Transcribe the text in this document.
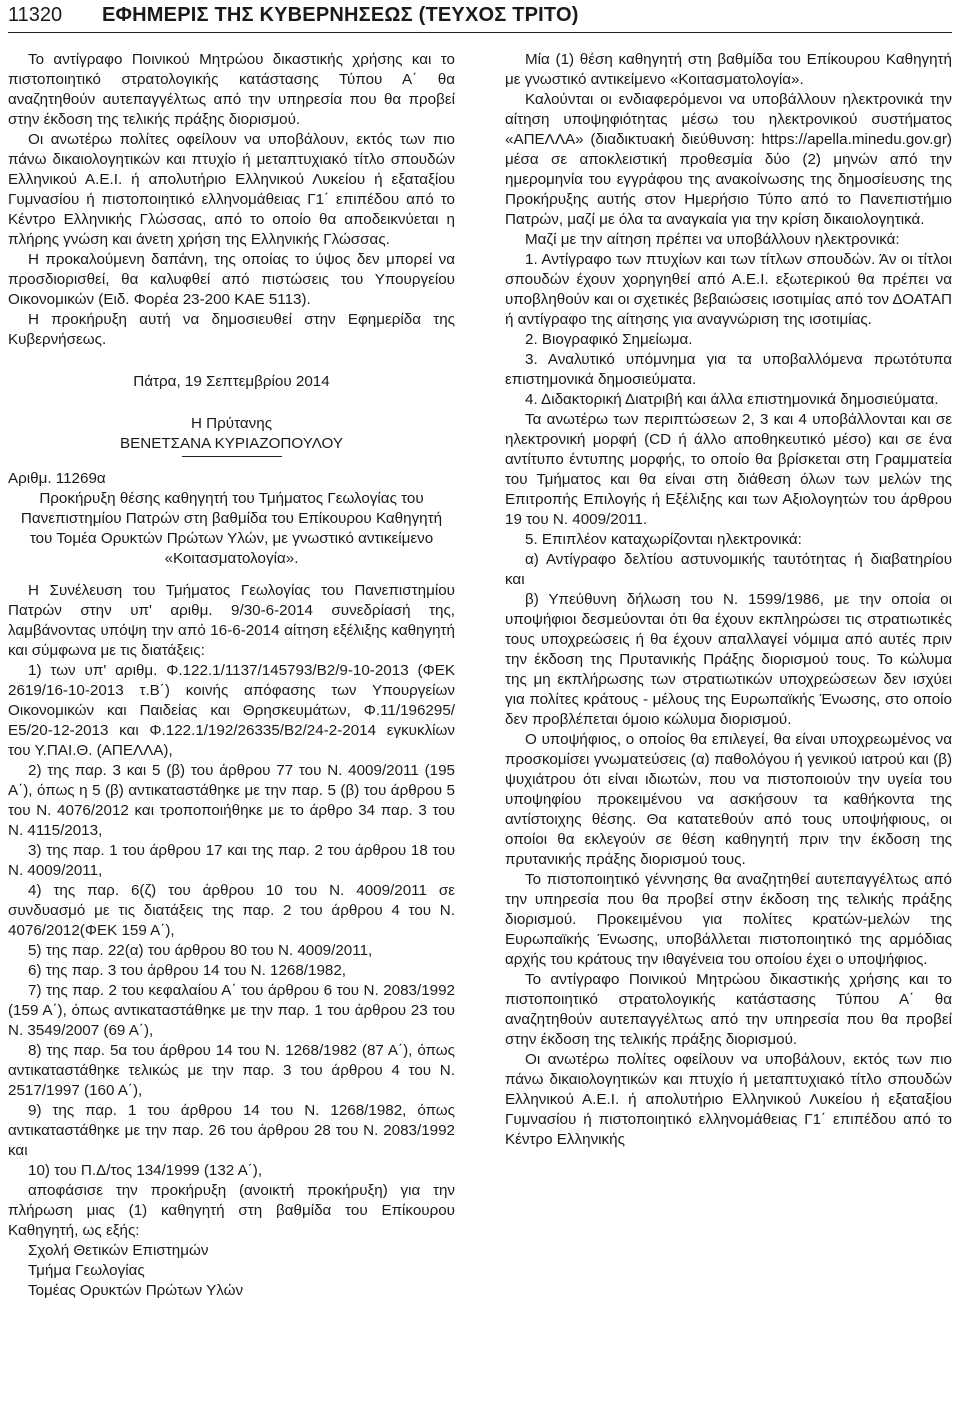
11320 ΕΦΗΜΕΡΙΣ ΤΗΣ ΚΥΒΕΡΝΗΣΕΩΣ (ΤΕΥΧΟΣ ΤΡΙΤΟ)

Το αντίγραφο Ποινικού Μητρώου δικαστικής χρήσης και το πιστοποιητικό στρατολογικής κατάστασης Τύπου Α΄ θα αναζητηθούν αυτεπαγγέλτως από την υπηρεσία που θα προβεί στην έκδοση της τελικής πράξης διορισμού.

Οι ανωτέρω πολίτες οφείλουν να υποβάλουν, εκτός των πιο πάνω δικαιολογητικών και πτυχίο ή μεταπτυχιακό τίτλο σπουδών Ελληνικού Α.Ε.Ι. ή απολυτήριο Ελληνικού Λυκείου ή εξαταξίου Γυμνασίου ή πιστοποιητικό ελληνομάθειας Γ1΄ επιπέδου από το Κέντρο Ελληνικής Γλώσσας, από το οποίο θα αποδεικνύεται η πλήρης γνώση και άνετη χρήση της Ελληνικής Γλώσσας.

Η προκαλούμενη δαπάνη, της οποίας το ύψος δεν μπορεί να προσδιορισθεί, θα καλυφθεί από πιστώσεις του Υπουργείου Οικονομικών (Ειδ. Φορέα 23-200 ΚΑΕ 5113).

Η προκήρυξη αυτή να δημοσιευθεί στην Εφημερίδα της Κυβερνήσεως.

Πάτρα, 19 Σεπτεμβρίου 2014

Η Πρύτανης

ΒΕΝΕΤΣΑΝΑ ΚΥΡΙΑΖΟΠΟΥΛΟΥ

Αριθμ. 11269α

Προκήρυξη θέσης καθηγητή του Τμήματος Γεωλογίας του Πανεπιστημίου Πατρών στη βαθμίδα του Επίκουρου Καθηγητή του Τομέα Ορυκτών Πρώτων Υλών, με γνωστικό αντικείμενο «Κοιτασματολογία».

Η Συνέλευση του Τμήματος Γεωλογίας του Πανεπιστημίου Πατρών στην υπ' αριθμ. 9/30-6-2014 συνεδρίασή της, λαμβάνοντας υπόψη την από 16-6-2014 αίτηση εξέλιξης καθηγητή και σύμφωνα με τις διατάξεις:

1) των υπ' αριθμ. Φ.122.1/1137/145793/Β2/9-10-2013 (ΦΕΚ 2619/16-10-2013 τ.Β΄) κοινής απόφασης των Υπουργείων Οικονομικών και Παιδείας και Θρησκευμάτων, Φ.11/196295/Ε5/20-12-2013 και Φ.122.1/192/26335/Β2/24-2-2014 εγκυκλίων του Υ.ΠΑΙ.Θ. (ΑΠΕΛΛΑ),

2) της παρ. 3 και 5 (β) του άρθρου 77 του Ν. 4009/2011 (195 Α΄), όπως η 5 (β) αντικαταστάθηκε με την παρ. 5 (β) του άρθρου 5 του Ν. 4076/2012 και τροποποιήθηκε με το άρθρο 34 παρ. 3 του Ν. 4115/2013,

3) της παρ. 1 του άρθρου 17 και της παρ. 2 του άρθρου 18 του Ν. 4009/2011,

4) της παρ. 6(ζ) του άρθρου 10 του Ν. 4009/2011 σε συνδυασμό με τις διατάξεις της παρ. 2 του άρθρου 4 του Ν. 4076/2012(ΦΕΚ 159 Α΄),

5) της παρ. 22(α) του άρθρου 80 του Ν. 4009/2011,

6) της παρ. 3 του άρθρου 14 του Ν. 1268/1982,

7) της παρ. 2 του κεφαλαίου Α΄ του άρθρου 6 του Ν. 2083/1992 (159 Α΄), όπως αντικαταστάθηκε με την παρ. 1 του άρθρου 23 του Ν. 3549/2007 (69 Α΄),

8) της παρ. 5α του άρθρου 14 του Ν. 1268/1982 (87 Α΄), όπως αντικαταστάθηκε τελικώς με την παρ. 3 του άρθρου 4 του Ν. 2517/1997 (160 Α΄),

9) της παρ. 1 του άρθρου 14 του Ν. 1268/1982, όπως αντικαταστάθηκε με την παρ. 26 του άρθρου 28 του Ν. 2083/1992 και

10) του Π.Δ/τος 134/1999 (132 Α΄),

αποφάσισε την προκήρυξη (ανοικτή προκήρυξη) για την πλήρωση μιας (1) καθηγητή στη βαθμίδα του Επίκουρου Καθηγητή, ως εξής:

Σχολή Θετικών Επιστημών

Τμήμα Γεωλογίας

Τομέας Ορυκτών Πρώτων Υλών

Μία (1) θέση καθηγητή στη βαθμίδα του Επίκουρου Καθηγητή με γνωστικό αντικείμενο «Κοιτασματολογία».

Καλούνται οι ενδιαφερόμενοι να υποβάλλουν ηλεκτρονικά την αίτηση υποψηφιότητας μέσω του ηλεκτρονικού συστήματος «ΑΠΕΛΛΑ» (διαδικτυακή διεύθυνση: https://apella.minedu.gov.gr) μέσα σε αποκλειστική προθεσμία δύο (2) μηνών από την ημερομηνία του εγγράφου της ανακοίνωσης της δημοσίευσης της Προκήρυξης αυτής στον Ημερήσιο Τύπο από το Πανεπιστήμιο Πατρών, μαζί με όλα τα αναγκαία για την κρίση δικαιολογητικά.

Μαζί με την αίτηση πρέπει να υποβάλλουν ηλεκτρονικά:

1. Αντίγραφο των πτυχίων και των τίτλων σπουδών. Άν οι τίτλοι σπουδών έχουν χορηγηθεί από Α.Ε.Ι. εξωτερικού θα πρέπει να υποβληθούν και οι σχετικές βεβαιώσεις ισοτιμίας από τον ΔΟΑΤΑΠ ή αντίγραφο της αίτησης για αναγνώριση της ισοτιμίας.

2. Βιογραφικό Σημείωμα.

3. Αναλυτικό υπόμνημα για τα υποβαλλόμενα πρωτότυπα επιστημονικά δημοσιεύματα.

4. Διδακτορική Διατριβή και άλλα επιστημονικά δημοσιεύματα.

Τα ανωτέρω των περιπτώσεων 2, 3 και 4 υποβάλλονται και σε ηλεκτρονική μορφή (CD ή άλλο αποθηκευτικό μέσο) και σε ένα αντίτυπο έντυπης μορφής, το οποίο θα βρίσκεται στη Γραμματεία του Τμήματος και θα είναι στη διάθεση όλων των μελών της Επιτροπής Επιλογής ή Εξέλιξης και των Αξιολογητών του άρθρου 19 του Ν. 4009/2011.

5. Επιπλέον καταχωρίζονται ηλεκτρονικά:

α) Αντίγραφο δελτίου αστυνομικής ταυτότητας ή διαβατηρίου και

β) Υπεύθυνη δήλωση του Ν. 1599/1986, με την οποία οι υποψήφιοι δεσμεύονται ότι θα έχουν εκπληρώσει τις στρατιωτικές τους υποχρεώσεις ή θα έχουν απαλλαγεί νόμιμα από αυτές πριν την έκδοση της Πρυτανικής Πράξης διορισμού τους. Το κώλυμα της μη εκπλήρωσης των στρατιωτικών υποχρεώσεων δεν ισχύει για πολίτες κράτους - μέλους της Ευρωπαϊκής Ένωσης, στο οποίο δεν προβλέπεται όμοιο κώλυμα διορισμού.

Ο υποψήφιος, ο οποίος θα επιλεγεί, θα είναι υποχρεωμένος να προσκομίσει γνωματεύσεις (α) παθολόγου ή γενικού ιατρού και (β) ψυχιάτρου ότι είναι ιδιωτών, που να πιστοποιούν την υγεία του υποψηφίου προκειμένου να ασκήσουν τα καθήκοντα της αντίστοιχης θέσης. Θα κατατεθούν από τους υποψήφιους, οι οποίοι θα εκλεγούν σε θέση καθηγητή πριν την έκδοση της πρυτανικής πράξης διορισμού τους.

Το πιστοποιητικό γέννησης θα αναζητηθεί αυτεπαγγέλτως από την υπηρεσία που θα προβεί στην έκδοση της τελικής πράξης διορισμού. Προκειμένου για πολίτες κρατών-μελών της Ευρωπαϊκής Ένωσης, υποβάλλεται πιστοποιητικό της αρμόδιας αρχής του κράτους την ιθαγένεια του οποίου έχει ο υποψήφιος.

Το αντίγραφο Ποινικού Μητρώου δικαστικής χρήσης και το πιστοποιητικό στρατολογικής κατάστασης Τύπου Α΄ θα αναζητηθούν αυτεπαγγέλτως από την υπηρεσία που θα προβεί στην έκδοση της τελικής πράξης διορισμού.

Οι ανωτέρω πολίτες οφείλουν να υποβάλουν, εκτός των πιο πάνω δικαιολογητικών και πτυχίο ή μεταπτυχιακό τίτλο σπουδών Ελληνικού Α.Ε.Ι. ή απολυτήριο Ελληνικού Λυκείου ή εξαταξίου Γυμνασίου ή πιστοποιητικό ελληνομάθειας Γ1΄ επιπέδου από το Κέντρο Ελληνικής
